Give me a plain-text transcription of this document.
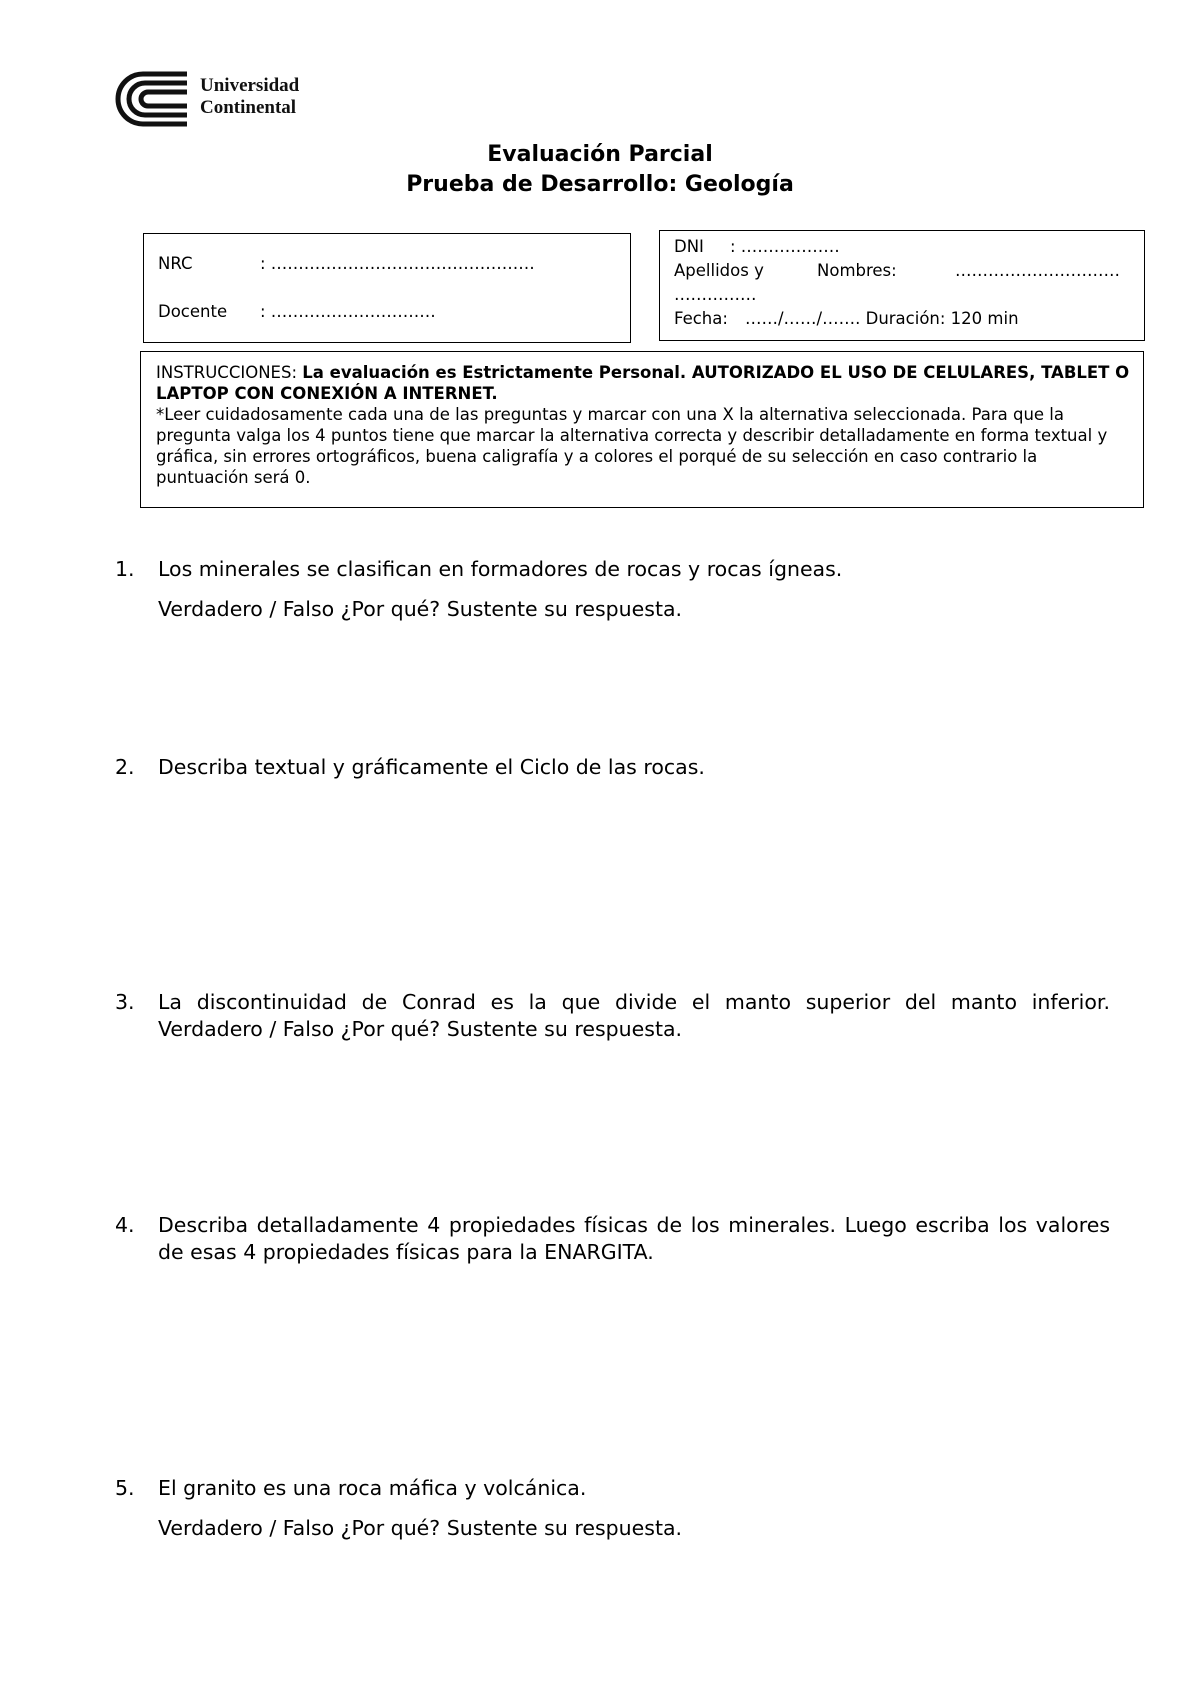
Universidad
Continental
Evaluación Parcial
Prueba de Desarrollo: Geología
NRC	: …………………………………………
Docente : …………………………
DNI : ………………
Apellidos y	Nombres:	…………………………
……………
Fecha: ……/……/……. Duración: 120 min
INSTRUCCIONES: La evaluación es Estrictamente Personal. AUTORIZADO EL USO DE CELULARES, TABLET O LAPTOP CON CONEXIÓN A INTERNET.
*Leer cuidadosamente cada una de las preguntas y marcar con una X la alternativa seleccionada. Para que la pregunta valga los 4 puntos tiene que marcar la alternativa correcta y describir detalladamente en forma textual y gráfica, sin errores ortográficos, buena caligrafía y a colores el porqué de su selección en caso contrario la puntuación será 0.
1. Los minerales se clasifican en formadores de rocas y rocas ígneas.

Verdadero / Falso ¿Por qué? Sustente su respuesta.

2. Describa textual y gráficamente el Ciclo de las rocas.

3. La discontinuidad de Conrad es la que divide el manto superior del manto inferior. Verdadero / Falso ¿Por qué? Sustente su respuesta.

4. Describa detalladamente 4 propiedades físicas de los minerales. Luego escriba los valores de esas 4 propiedades físicas para la ENARGITA.

5. El granito es una roca máfica y volcánica.

Verdadero / Falso ¿Por qué? Sustente su respuesta.
